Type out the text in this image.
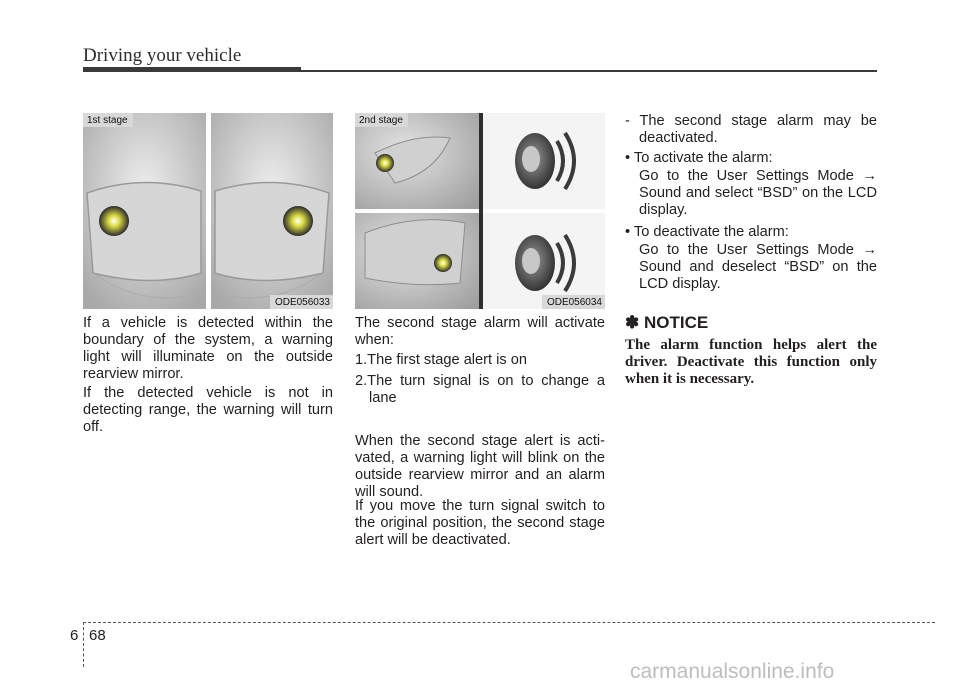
Driving your vehicle
1st stage
ODE056033
2nd stage
ODE056034
If a vehicle is detected within the boundary of the system, a warning light will illuminate on the outside rearview mirror.
If the detected vehicle is not in detecting range, the warning will turn off.
The second stage alarm will activate when:
1.The first stage alert is on
2.The turn signal is on to change a lane
When the second stage alert is acti-vated, a warning light will blink on the outside rearview mirror and an alarm will sound.
If you move the turn signal switch to the original position, the second stage alert will be deactivated.
- The second stage alarm may be deactivated.
• To activate the alarm:
Go to the User Settings Mode → Sound and select “BSD” on the LCD display.
• To deactivate the alarm:
Go to the User Settings Mode → Sound and deselect “BSD” on the LCD display.
✽ NOTICE
The alarm function helps alert the driver. Deactivate this function only when it is necessary.
6 68
carmanualsonline.info
